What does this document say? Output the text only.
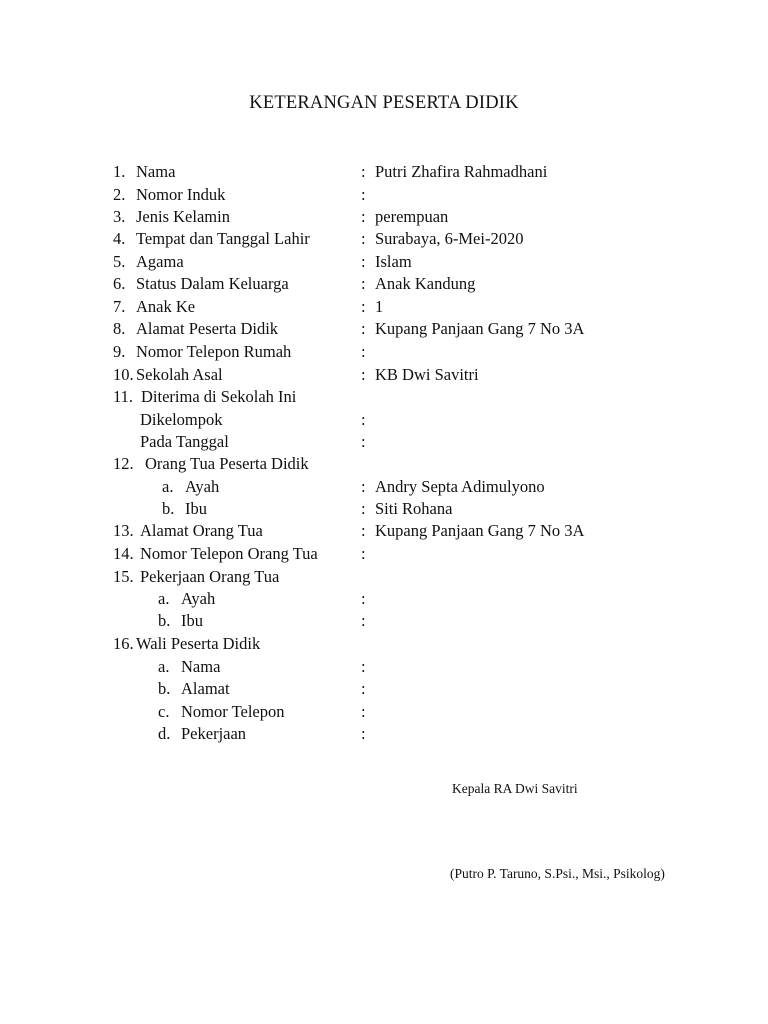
KETERANGAN PESERTA DIDIK
1. Nama	: Putri Zhafira Rahmadhani
2. Nomor Induk	:
3. Jenis Kelamin	: perempuan
4. Tempat dan Tanggal Lahir	: Surabaya, 6-Mei-2020
5. Agama	: Islam
6. Status Dalam Keluarga	: Anak Kandung
7. Anak Ke	: 1
8. Alamat Peserta Didik	: Kupang Panjaan Gang 7 No 3A
9. Nomor Telepon Rumah	:
10. Sekolah Asal	: KB Dwi Savitri
11. Diterima di Sekolah Ini
Dikelompok	:
Pada Tanggal	:
12. Orang Tua Peserta Didik
a. Ayah	: Andry Septa Adimulyono
b. Ibu	: Siti Rohana
13. Alamat Orang Tua	: Kupang Panjaan Gang 7 No 3A
14. Nomor Telepon Orang Tua	:
15. Pekerjaan Orang Tua
a. Ayah	:
b. Ibu	:
16. Wali Peserta Didik
a. Nama	:
b. Alamat	:
c. Nomor Telepon	:
d. Pekerjaan	:
Kepala RA Dwi Savitri
(Putro P. Taruno, S.Psi., Msi., Psikolog)
